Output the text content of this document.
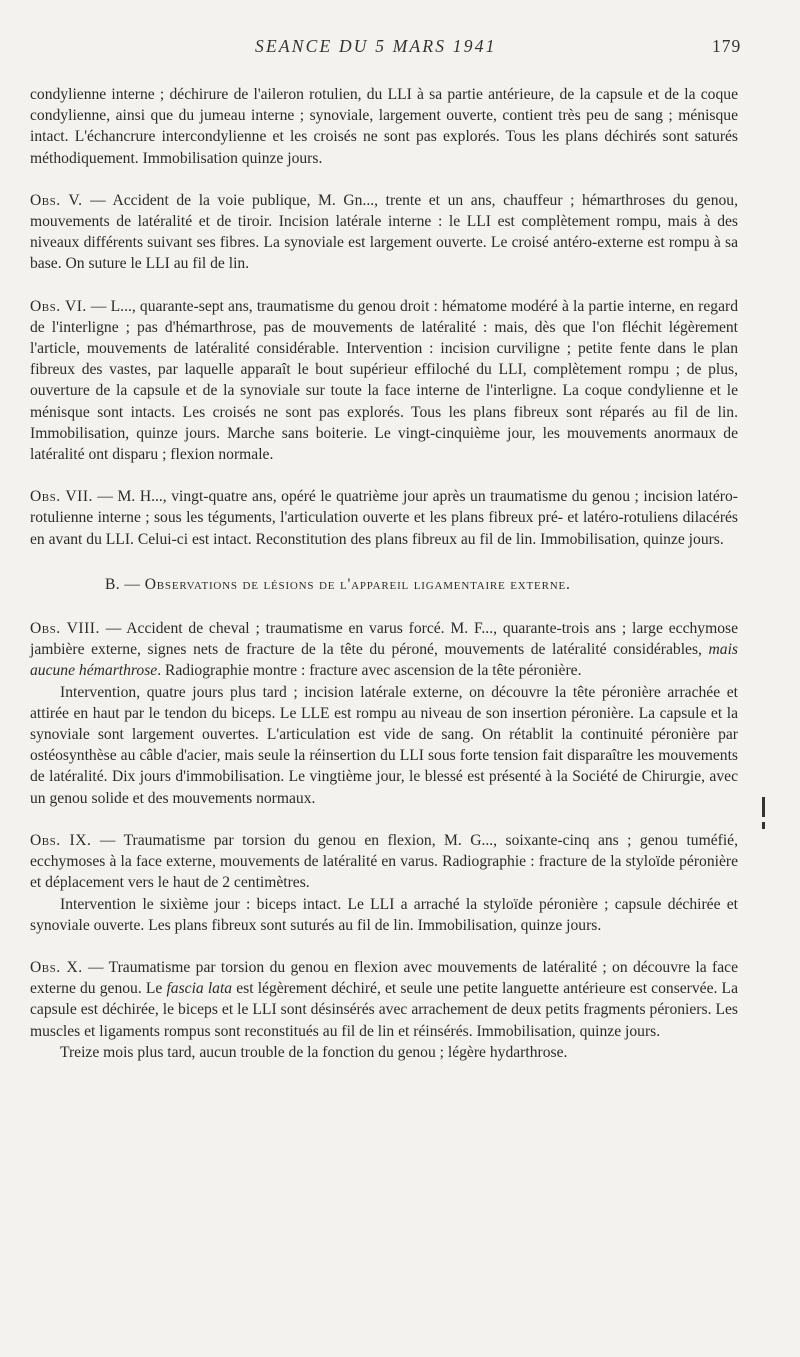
SEANCE DU 5 MARS 1941	179

condylienne interne ; déchirure de l'aileron rotulien, du LLI à sa partie antérieure, de la capsule et de la coque condylienne, ainsi que du jumeau interne ; synoviale, largement ouverte, contient très peu de sang ; ménisque intact. L'échancrure intercondylienne et les croisés ne sont pas explorés. Tous les plans déchirés sont saturés méthodiquement. Immobilisation quinze jours.

Obs. V. — Accident de la voie publique, M. Gn..., trente et un ans, chauffeur ; hémarthroses du genou, mouvements de latéralité et de tiroir. Incision latérale interne : le LLI est complètement rompu, mais à des niveaux différents suivant ses fibres. La synoviale est largement ouverte. Le croisé antéro-externe est rompu à sa base. On suture le LLI au fil de lin.

Obs. VI. — L..., quarante-sept ans, traumatisme du genou droit : hématome modéré à la partie interne, en regard de l'interligne ; pas d'hémarthrose, pas de mouvements de latéralité : mais, dès que l'on fléchit légèrement l'article, mouvements de latéralité considérable. Intervention : incision curviligne ; petite fente dans le plan fibreux des vastes, par laquelle apparaît le bout supérieur effiloché du LLI, complètement rompu ; de plus, ouverture de la capsule et de la synoviale sur toute la face interne de l'interligne. La coque condylienne et le ménisque sont intacts. Les croisés ne sont pas explorés. Tous les plans fibreux sont réparés au fil de lin. Immobilisation, quinze jours. Marche sans boiterie. Le vingt-cinquième jour, les mouvements anormaux de latéralité ont disparu ; flexion normale.

Obs. VII. — M. H..., vingt-quatre ans, opéré le quatrième jour après un traumatisme du genou ; incision latéro-rotulienne interne ; sous les téguments, l'articulation ouverte et les plans fibreux pré- et latéro-rotuliens dilacérés en avant du LLI. Celui-ci est intact. Reconstitution des plans fibreux au fil de lin. Immobilisation, quinze jours.

B. — Observations de lésions de l'appareil ligamentaire externe.

Obs. VIII. — Accident de cheval ; traumatisme en varus forcé. M. F..., quarante-trois ans ; large ecchymose jambière externe, signes nets de fracture de la tête du péroné, mouvements de latéralité considérables, mais aucune hémarthrose. Radiographie montre : fracture avec ascension de la tête péronière.

Intervention, quatre jours plus tard ; incision latérale externe, on découvre la tête péronière arrachée et attirée en haut par le tendon du biceps. Le LLE est rompu au niveau de son insertion péronière. La capsule et la synoviale sont largement ouvertes. L'articulation est vide de sang. On rétablit la continuité péronière par ostéosynthèse au câble d'acier, mais seule la réinsertion du LLI sous forte tension fait disparaître les mouvements de latéralité. Dix jours d'immobilisation. Le vingtième jour, le blessé est présenté à la Société de Chirurgie, avec un genou solide et des mouvements normaux.

Obs. IX. — Traumatisme par torsion du genou en flexion, M. G..., soixante-cinq ans ; genou tuméfié, ecchymoses à la face externe, mouvements de latéralité en varus. Radiographie : fracture de la styloïde péronière et déplacement vers le haut de 2 centimètres.

Intervention le sixième jour : biceps intact. Le LLI a arraché la styloïde péronière ; capsule déchirée et synoviale ouverte. Les plans fibreux sont suturés au fil de lin. Immobilisation, quinze jours.

Obs. X. — Traumatisme par torsion du genou en flexion avec mouvements de latéralité ; on découvre la face externe du genou. Le fascia lata est légèrement déchiré, et seule une petite languette antérieure est conservée. La capsule est déchirée, le biceps et le LLI sont désinsérés avec arrachement de deux petits fragments péroniers. Les muscles et ligaments rompus sont reconstitués au fil de lin et réinsérés. Immobilisation, quinze jours.

Treize mois plus tard, aucun trouble de la fonction du genou ; légère hydarthrose.
